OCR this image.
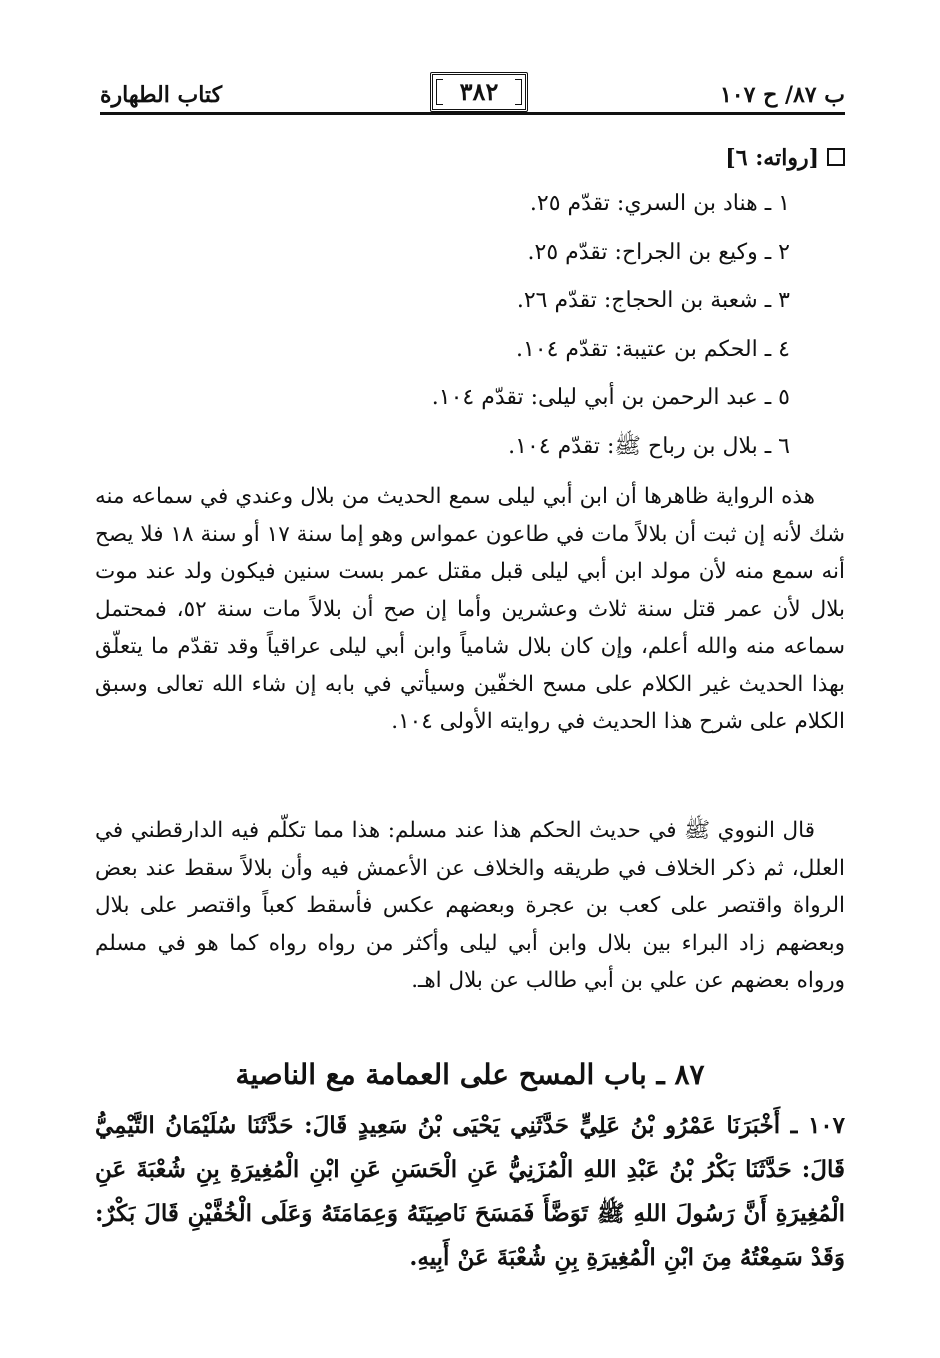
ب ٨٧/ ح ١٠٧
٣٨٢
كتاب الطهارة
[رواته: ٦]
١ ـ هناد بن السري: تقدّم ٢٥.
٢ ـ وكيع بن الجراح: تقدّم ٢٥.
٣ ـ شعبة بن الحجاج: تقدّم ٢٦.
٤ ـ الحكم بن عتيبة: تقدّم ١٠٤.
٥ ـ عبد الرحمن بن أبي ليلى: تقدّم ١٠٤.
٦ ـ بلال بن رباح ﷺ: تقدّم ١٠٤.
هذه الرواية ظاهرها أن ابن أبي ليلى سمع الحديث من بلال وعندي في سماعه منه شك لأنه إن ثبت أن بلالاً مات في طاعون عمواس وهو إما سنة ١٧ أو سنة ١٨ فلا يصح أنه سمع منه لأن مولد ابن أبي ليلى قبل مقتل عمر بست سنين فيكون ولد عند موت بلال لأن عمر قتل سنة ثلاث وعشرين وأما إن صح أن بلالاً مات سنة ٥٢، فمحتمل سماعه منه والله أعلم، وإن كان بلال شامياً وابن أبي ليلى عراقياً وقد تقدّم ما يتعلّق بهذا الحديث غير الكلام على مسح الخفّين وسيأتي في بابه إن شاء الله تعالى وسبق الكلام على شرح هذا الحديث في روايته الأولى ١٠٤.
قال النووي ﷺ في حديث الحكم هذا عند مسلم: هذا مما تكلّم فيه الدارقطني في العلل، ثم ذكر الخلاف في طريقه والخلاف عن الأعمش فيه وأن بلالاً سقط عند بعض الرواة واقتصر على كعب بن عجرة وبعضهم عكس فأسقط كعباً واقتصر على بلال وبعضهم زاد البراء بين بلال وابن أبي ليلى وأكثر من رواه رواه كما هو في مسلم ورواه بعضهم عن علي بن أبي طالب عن بلال اهـ.
٨٧ ـ باب المسح على العمامة مع الناصية
١٠٧ ـ أَخْبَرَنَا عَمْرُو بْنُ عَلِيٍّ حَدَّثَنِي يَحْيَى بْنُ سَعِيدٍ قَالَ: حَدَّثَنَا سُلَيْمَانُ التَّيْمِيُّ قَالَ: حَدَّثَنَا بَكْرُ بْنُ عَبْدِ اللهِ الْمُزَنِيُّ عَنِ الْحَسَنِ عَنِ ابْنِ الْمُغِيرَةِ بِنِ شُعْبَةَ عَنِ الْمُغِيرَةِ أَنَّ رَسُولَ اللهِ ﷺ تَوَضَّأَ فَمَسَحَ نَاصِيَتَهُ وَعِمَامَتَهُ وَعَلَى الْخُفَّيْنِ قَالَ بَكْرٌ: وَقَدْ سَمِعْتُهُ مِنَ ابْنِ الْمُغِيرَةِ بِنِ شُعْبَةَ عَنْ أَبِيهِ.
